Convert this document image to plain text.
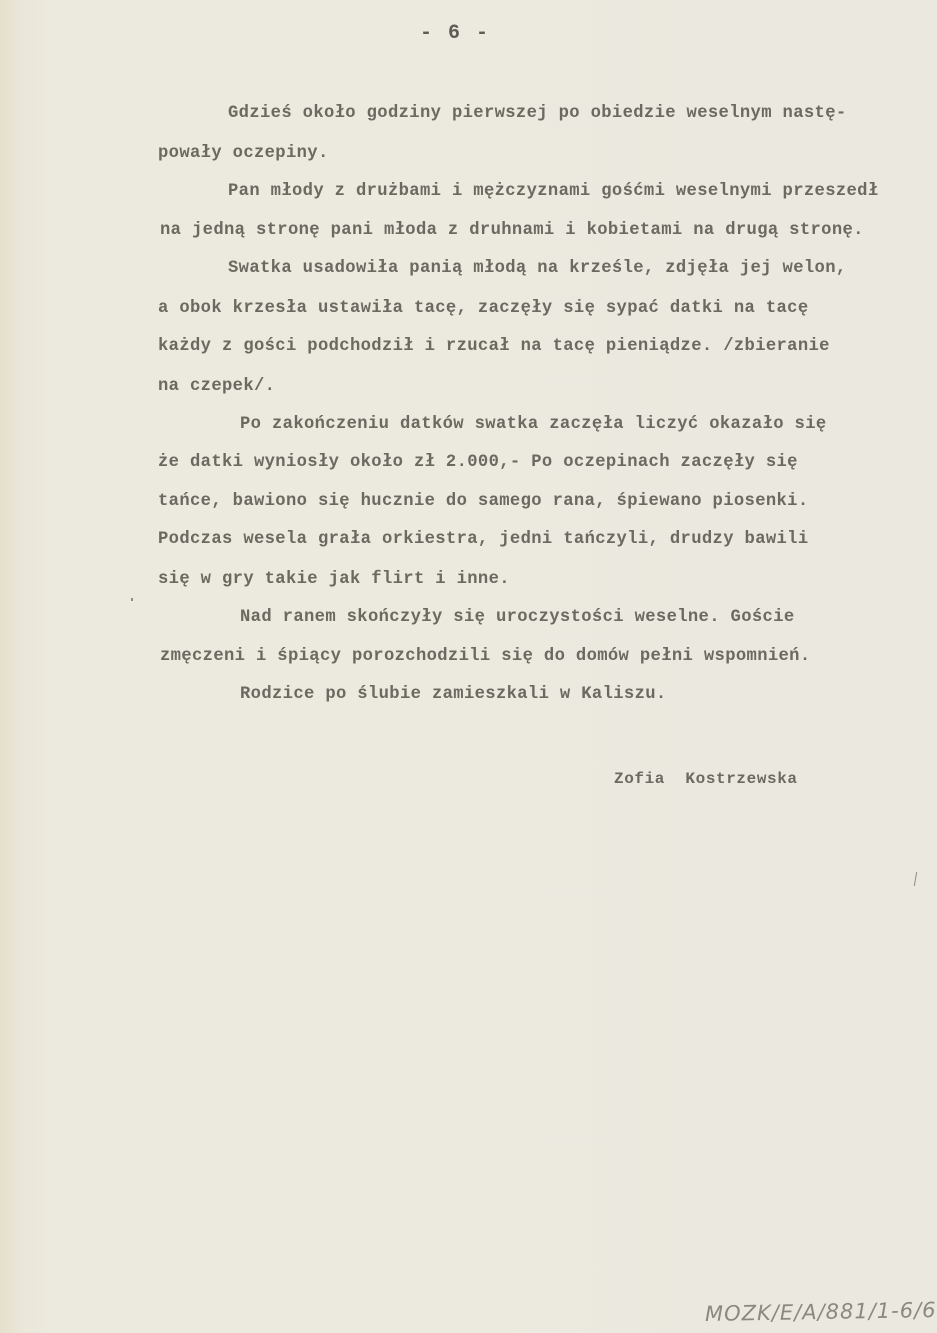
- 6 -
Gdzieś około godziny pierwszej po obiedzie weselnym nastę-
powały oczepiny.
Pan młody z drużbami i mężczyznami gośćmi weselnymi przeszedł
na jedną stronę pani młoda z druhnami i kobietami na drugą stronę.
Swatka usadowiła panią młodą na krześle, zdjęła jej welon,
a obok krzesła ustawiła tacę, zaczęły się sypać datki na tacę
każdy z gości podchodził i rzucał na tacę pieniądze. /zbieranie
na czepek/.
Po zakończeniu datków swatka zaczęła liczyć okazało się
że datki wyniosły około zł 2.000,- Po oczepinach zaczęły się
tańce, bawiono się hucznie do samego rana, śpiewano piosenki.
Podczas wesela grała orkiestra, jedni tańczyli, drudzy bawili
się w gry takie jak flirt i inne.
Nad ranem skończyły się uroczystości weselne. Goście
zmęczeni i śpiący porozchodzili się do domów pełni wspomnień.
Rodzice po ślubie zamieszkali w Kaliszu.
Zofia  Kostrzewska
MOZK/E/A/881/1-6/6
